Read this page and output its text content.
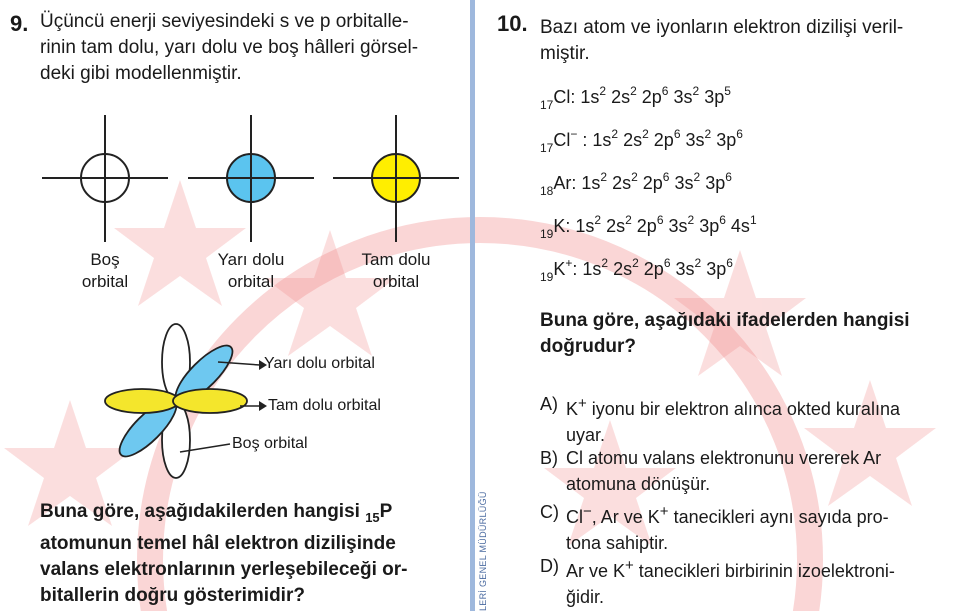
LERİ GENEL MÜDÜRLÜĞÜ
9. Üçüncü enerji seviyesindeki s ve p orbitalle-
rinin tam dolu, yarı dolu ve boş hâlleri görsel-
deki gibi modellenmiştir.
Boş
orbital
Yarı dolu
orbital
Tam dolu
orbital
Yarı dolu orbital
Tam dolu orbital
Boş orbital
Buna göre, aşağıdakilerden hangisi $_{15}$P
atomunun temel hâl elektron dizilişinde
valans elektronlarının yerleşebileceği or-
bitallerin doğru gösterimidir?
10. Bazı atom ve iyonların elektron dizilişi veril-
miştir.
$_{17}$Cl: $1s^2$ $2s^2$ $2p^6$ $3s^2$ $3p^5$
$_{17}$Cl− : $1s^2$ $2s^2$ $2p^6$ $3s^2$ $3p^6$
$_{18}$Ar: $1s^2$ $2s^2$ $2p^6$ $3s^2$ $3p^6$
$_{19}$K: $1s^2$ $2s^2$ $2p^6$ $3s^2$ $3p^6$ $4s^1$
$_{19}$K+: $1s^2$ $2s^2$ $2p^6$ $3s^2$ $3p^6$
Buna göre, aşağıdaki ifadelerden hangisi
doğrudur?
A) K+ iyonu bir elektron alınca okted kuralına
uyar.
B) Cl atomu valans elektronunu vererek Ar
atomuna dönüşür.
C) Cl−, Ar ve K+ tanecikleri aynı sayıda pro-
tona sahiptir.
D) Ar ve K+ tanecikleri birbirinin izoelektroni-
ğidir.
